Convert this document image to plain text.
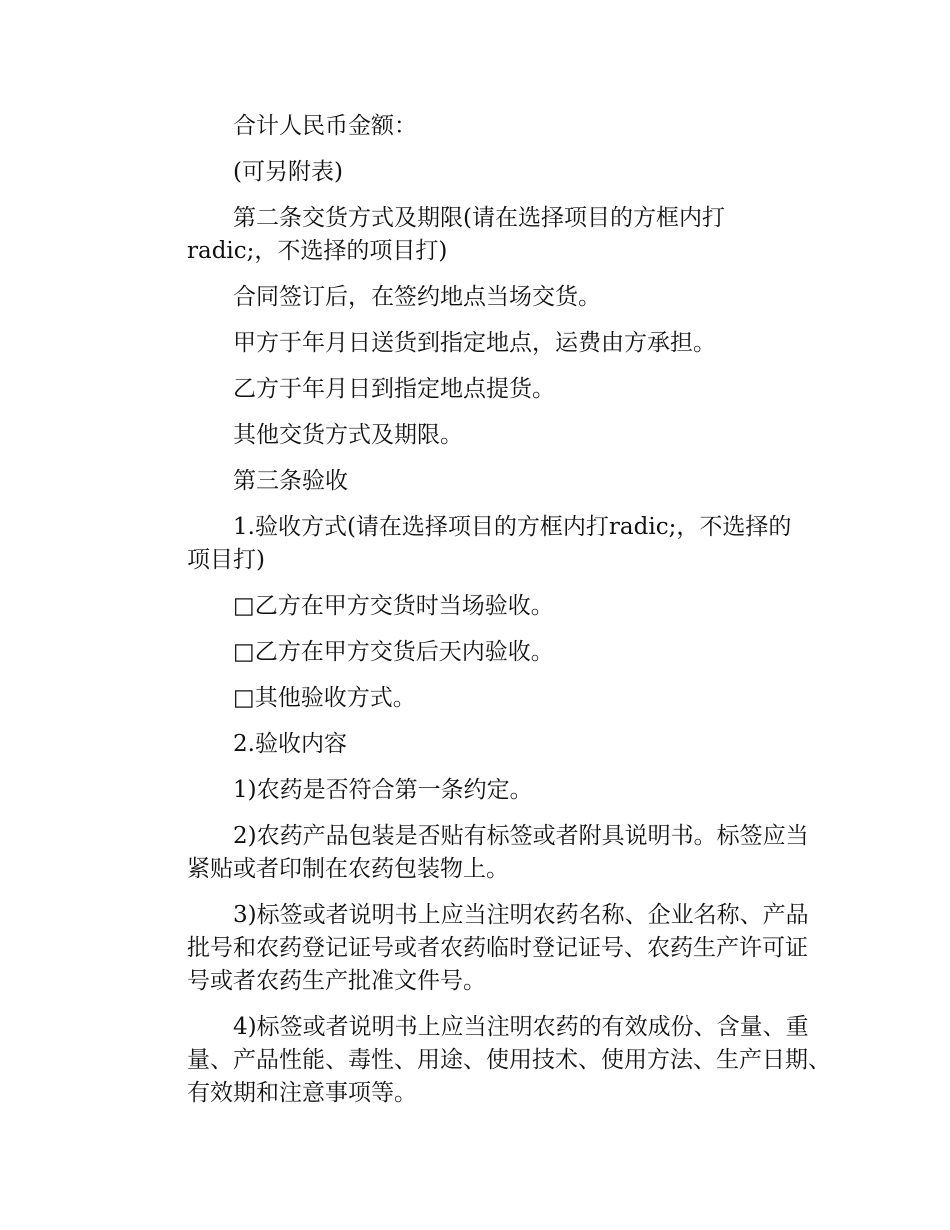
合计人民币金额：
(可另附表)
第二条交货方式及期限(请在选择项目的方框内打
radic;，不选择的项目打)
合同签订后，在签约地点当场交货。
甲方于年月日送货到指定地点，运费由方承担。
乙方于年月日到指定地点提货。
其他交货方式及期限。
第三条验收
1.验收方式(请在选择项目的方框内打radic;，不选择的
项目打)
□乙方在甲方交货时当场验收。
□乙方在甲方交货后天内验收。
□其他验收方式。
2.验收内容
1)农药是否符合第一条约定。
2)农药产品包装是否贴有标签或者附具说明书。标签应当
紧贴或者印制在农药包装物上。
3)标签或者说明书上应当注明农药名称、企业名称、产品
批号和农药登记证号或者农药临时登记证号、农药生产许可证
号或者农药生产批准文件号。
4)标签或者说明书上应当注明农药的有效成份、含量、重
量、产品性能、毒性、用途、使用技术、使用方法、生产日期、
有效期和注意事项等。
